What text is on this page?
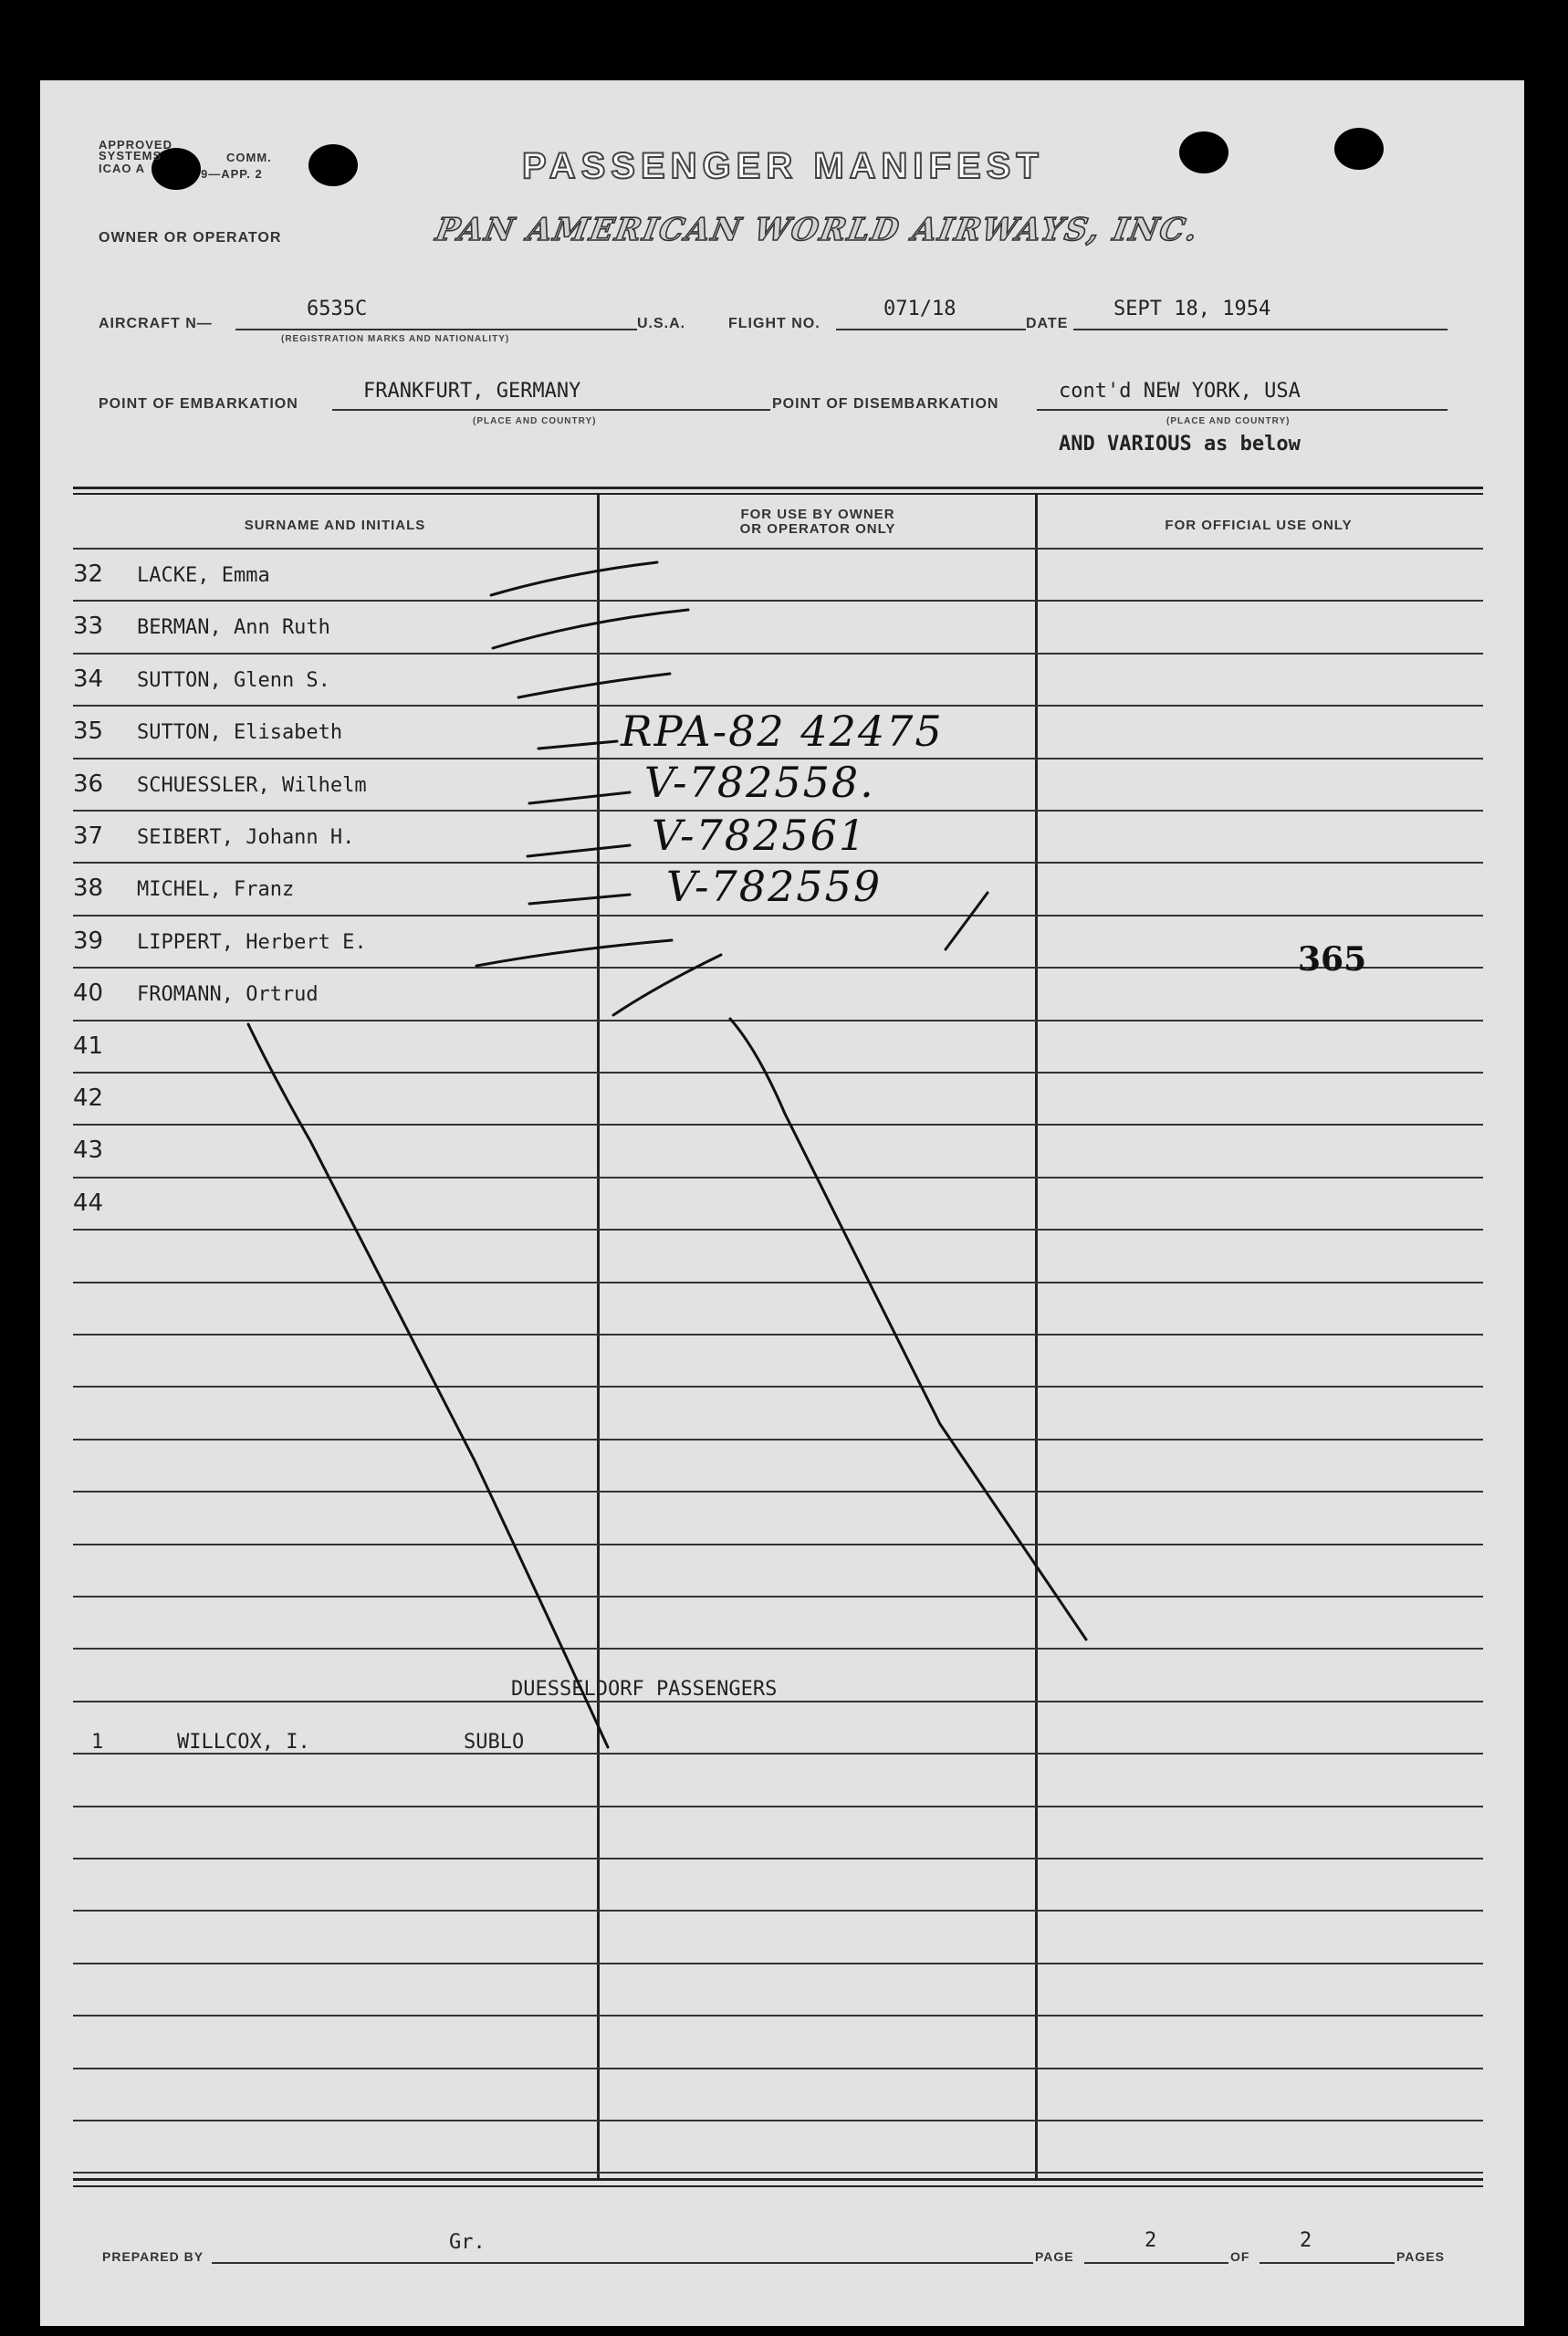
APPROVED
SYSTEMS	COMM.
ICAO A	9—APP. 2	PASSENGER MANIFEST
OWNER OR OPERATOR	PAN AMERICAN WORLD AIRWAYS, INC.
AIRCRAFT N—
6535C
(REGISTRATION MARKS AND NATIONALITY)
U.S.A.	FLIGHT NO.
071/18
DATE
SEPT 18, 1954
POINT OF EMBARKATION
FRANKFURT, GERMANY
(PLACE AND COUNTRY)
POINT OF DISEMBARKATION
cont'd NEW YORK, USA
(PLACE AND COUNTRY)
AND VARIOUS as below
SURNAME AND INITIALS
FOR USE BY OWNER
OR OPERATOR ONLY	FOR OFFICIAL USE ONLY
32 LACKE, Emma
33 BERMAN, Ann Ruth
34 SUTTON, Glenn S.
35 SUTTON, Elisabeth	RPA-82 42475
36 SCHUESSLER, Wilhelm	V-782558.
37 SEIBERT, Johann H.	V-782561
38 MICHEL, Franz	V-782559
39 LIPPERT, Herbert E.
40 FROMANN, Ortrud
41
42
43
44
365
DUESSELDORF PASSENGERS
1	WILLCOX, I.	SUBLO
PREPARED BY
Gr.
PAGE
2
OF
2
PAGES
